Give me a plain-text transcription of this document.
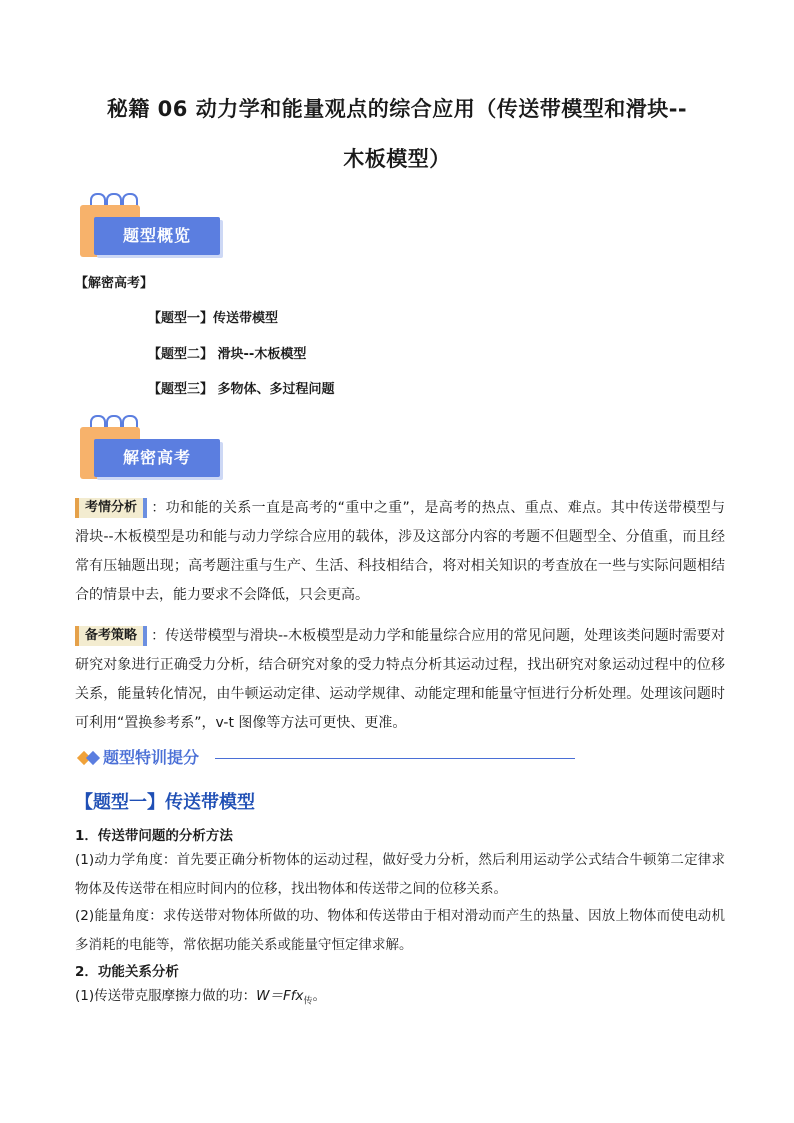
秘籍 06 动力学和能量观点的综合应用（传送带模型和滑块--
木板模型）
题型概览
【解密高考】
【题型一】传送带模型
【题型二】 滑块--木板模型
【题型三】 多物体、多过程问题
解密高考
考情分析 ：功和能的关系一直是高考的“重中之重”，是高考的热点、重点、难点。其中传送带模型与滑块--木板模型是功和能与动力学综合应用的载体，涉及这部分内容的考题不但题型全、分值重，而且经常有压轴题出现；高考题注重与生产、生活、科技相结合，将对相关知识的考查放在一些与实际问题相结合的情景中去，能力要求不会降低，只会更高。
备考策略 ：传送带模型与滑块--木板模型是动力学和能量综合应用的常见问题，处理该类问题时需要对研究对象进行正确受力分析，结合研究对象的受力特点分析其运动过程，找出研究对象运动过程中的位移关系，能量转化情况，由牛顿运动定律、运动学规律、动能定理和能量守恒进行分析处理。处理该问题时可利用“置换参考系”，v-t 图像等方法可更快、更准。
题型特训提分
【题型一】传送带模型
1．传送带问题的分析方法
(1)动力学角度：首先要正确分析物体的运动过程，做好受力分析，然后利用运动学公式结合牛顿第二定律求物体及传送带在相应时间内的位移，找出物体和传送带之间的位移关系。
(2)能量角度：求传送带对物体所做的功、物体和传送带由于相对滑动而产生的热量、因放上物体而使电动机多消耗的电能等，常依据功能关系或能量守恒定律求解。
2．功能关系分析
(1)传送带克服摩擦力做的功：W＝Ffx$_传$。
